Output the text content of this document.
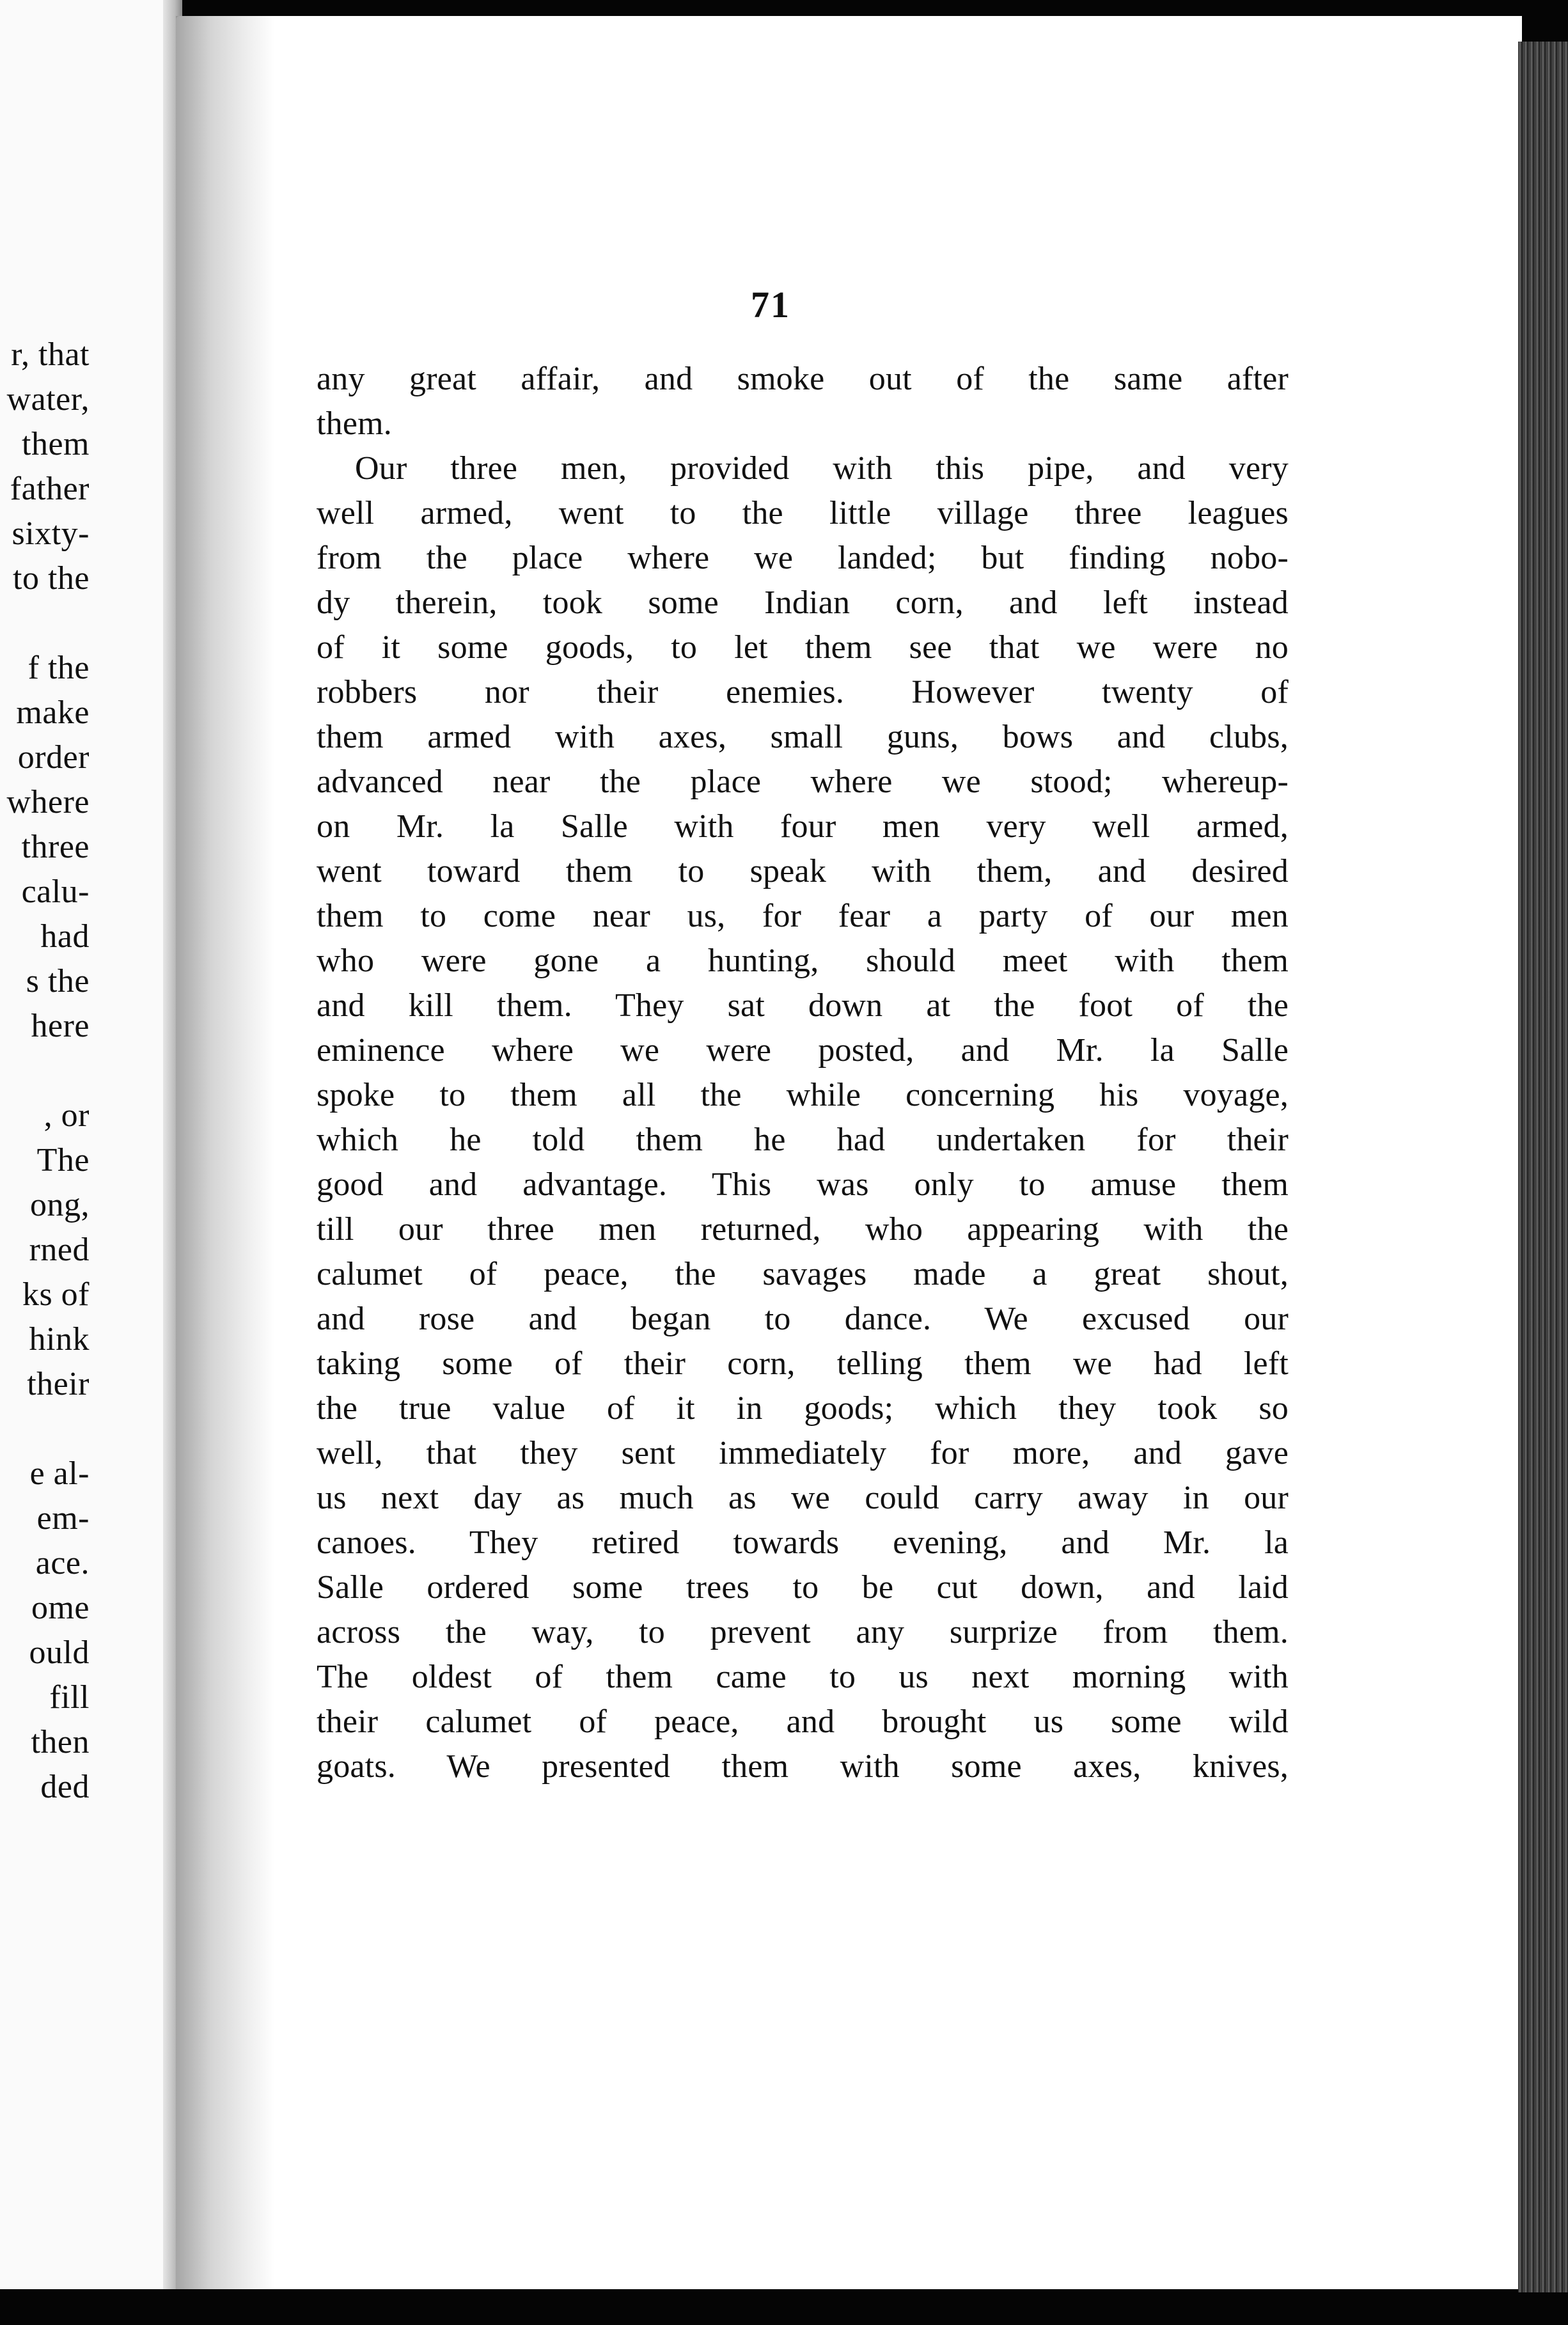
r, that
water,
them
father
sixty-
to the
f the
make
order
where
three
calu-
had
s the
here
, or
The
ong,
rned
ks of
hink
their
e al-
em-
ace.
ome
ould
fill
then
ded
71
any great affair, and smoke out of the same after
them.
Our three men, provided with this pipe, and very
well armed, went to the little village three leagues
from the place where we landed; but finding nobo-
dy therein, took some Indian corn, and left instead
of it some goods, to let them see that we were no
robbers nor their enemies. However twenty of
them armed with axes, small guns, bows and clubs,
advanced near the place where we stood; whereup-
on Mr. la Salle with four men very well armed,
went toward them to speak with them, and desired
them to come near us, for fear a party of our men
who were gone a hunting, should meet with them
and kill them. They sat down at the foot of the
eminence where we were posted, and Mr. la Salle
spoke to them all the while concerning his voyage,
which he told them he had undertaken for their
good and advantage. This was only to amuse them
till our three men returned, who appearing with the
calumet of peace, the savages made a great shout,
and rose and began to dance. We excused our
taking some of their corn, telling them we had left
the true value of it in goods; which they took so
well, that they sent immediately for more, and gave
us next day as much as we could carry away in our
canoes. They retired towards evening, and Mr. la
Salle ordered some trees to be cut down, and laid
across the way, to prevent any surprize from them.
The oldest of them came to us next morning with
their calumet of peace, and brought us some wild
goats. We presented them with some axes, knives,
